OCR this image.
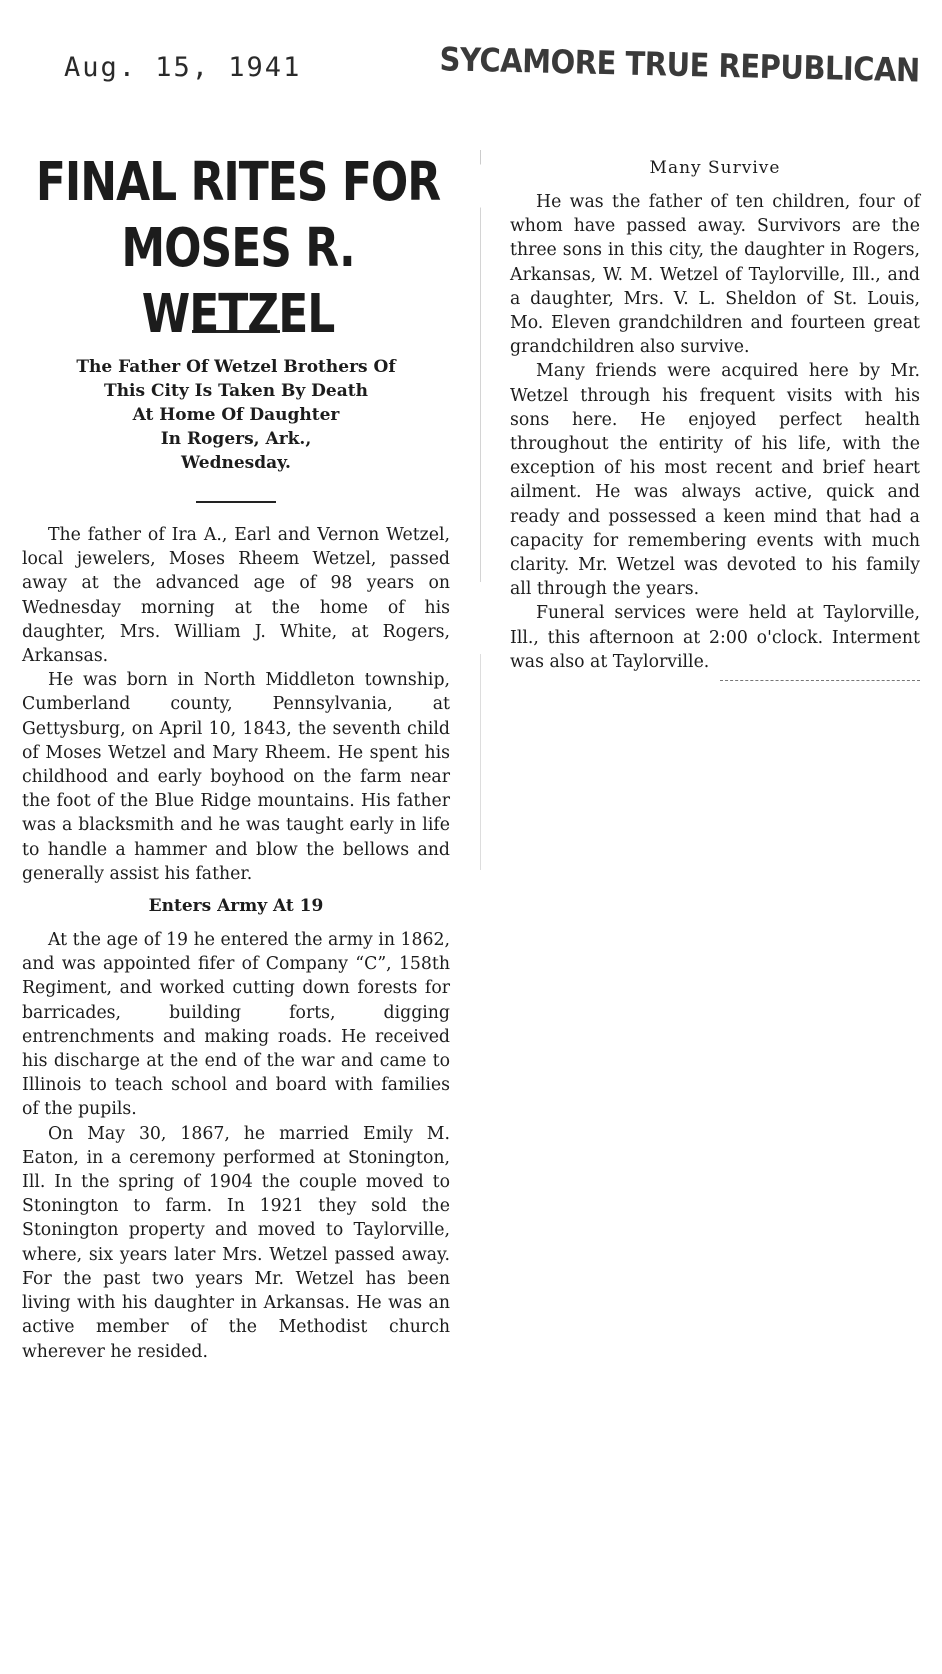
Aug. 15, 1941	SYCAMORE TRUE REPUBLICAN
FINAL RITES FOR
MOSES R. WETZEL
The Father Of Wetzel Brothers Of
This City Is Taken By Death
At Home Of Daughter
In Rogers, Ark.,
Wednesday.

The father of Ira A., Earl and Vernon Wetzel, local jewelers, Moses Rheem Wetzel, passed away at the advanced age of 98 years on Wednesday morning at the home of his daughter, Mrs. William J. White, at Rogers, Arkansas.

He was born in North Middleton township, Cumberland county, Pennsylvania, at Gettysburg, on April 10, 1843, the seventh child of Moses Wetzel and Mary Rheem. He spent his childhood and early boyhood on the farm near the foot of the Blue Ridge mountains. His father was a blacksmith and he was taught early in life to handle a hammer and blow the bellows and generally assist his father.

Enters Army At 19

At the age of 19 he entered the army in 1862, and was appointed fifer of Company “C”, 158th Regiment, and worked cutting down forests for barricades, building forts, digging entrenchments and making roads. He received his discharge at the end of the war and came to Illinois to teach school and board with families of the pupils.

On May 30, 1867, he married Emily M. Eaton, in a ceremony performed at Stonington, Ill. In the spring of 1904 the couple moved to Stonington to farm. In 1921 they sold the Stonington property and moved to Taylorville, where, six years later Mrs. Wetzel passed away. For the past two years Mr. Wetzel has been living with his daughter in Arkansas. He was an active member of the Methodist church wherever he resided.

Many Survive

He was the father of ten children, four of whom have passed away. Survivors are the three sons in this city, the daughter in Rogers, Arkansas, W. M. Wetzel of Taylorville, Ill., and a daughter, Mrs. V. L. Sheldon of St. Louis, Mo. Eleven grandchildren and fourteen great grandchildren also survive.

Many friends were acquired here by Mr. Wetzel through his frequent visits with his sons here. He enjoyed perfect health throughout the entirity of his life, with the exception of his most recent and brief heart ailment. He was always active, quick and ready and possessed a keen mind that had a capacity for remembering events with much clarity. Mr. Wetzel was devoted to his family all through the years.

Funeral services were held at Taylorville, Ill., this afternoon at 2:00 o'clock. Interment was also at Taylorville.
